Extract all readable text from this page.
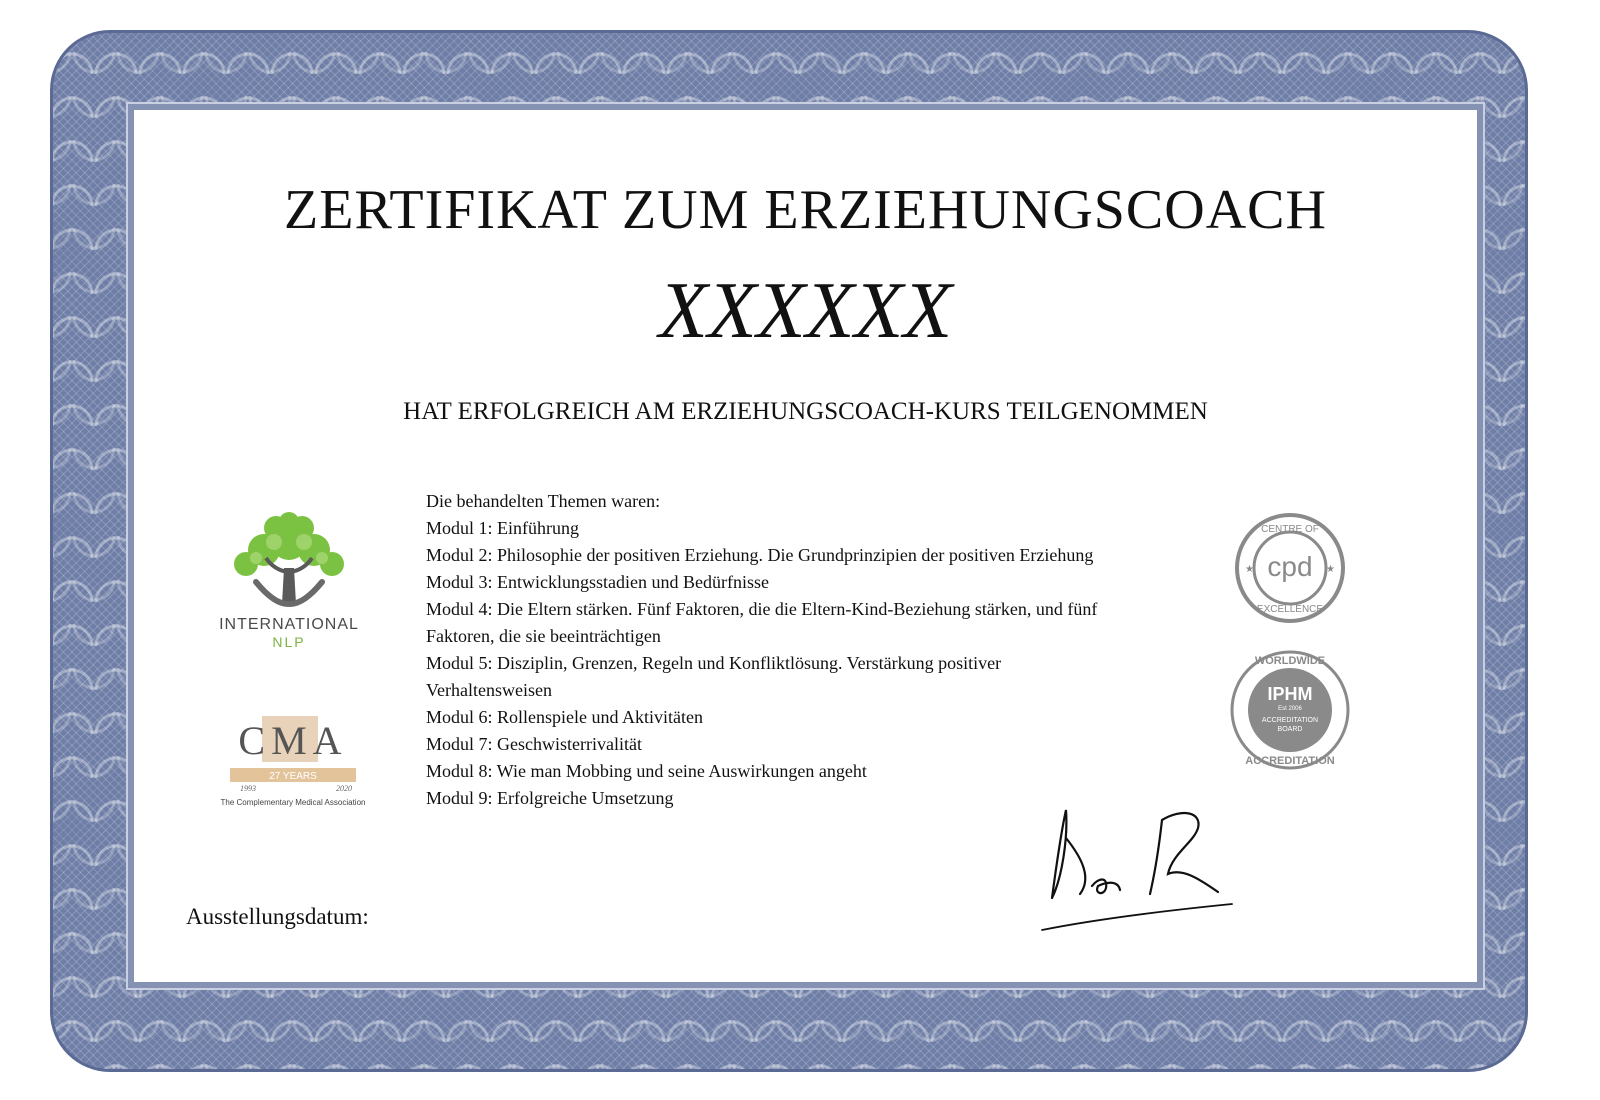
ZERTIFIKAT ZUM ERZIEHUNGSCOACH
XXXXXX
HAT ERFOLGREICH AM ERZIEHUNGSCOACH-KURS TEILGENOMMEN
Die behandelten Themen waren:
Modul 1: Einführung
Modul 2: Philosophie der positiven Erziehung. Die Grundprinzipien der positiven Erziehung
Modul 3: Entwicklungsstadien und Bedürfnisse
Modul 4: Die Eltern stärken. Fünf Faktoren, die die Eltern-Kind-Beziehung stärken, und fünf
Faktoren, die sie beeinträchtigen
Modul 5: Disziplin, Grenzen, Regeln und Konfliktlösung. Verstärkung positiver
Verhaltensweisen
Modul 6: Rollenspiele und Aktivitäten
Modul 7: Geschwisterrivalität
Modul 8: Wie man Mobbing und seine Auswirkungen angeht
Modul 9: Erfolgreiche Umsetzung
INTERNATIONAL
NLP
CMA
27 YEARS
1993	2020
The Complementary Medical Association
CENTRE OF
cpd
EXCELLENCE
★	★
WORLDWIDE
IPHM
Est 2006
ACCREDITATION
BOARD
ACCREDITATION
Ausstellungsdatum:
